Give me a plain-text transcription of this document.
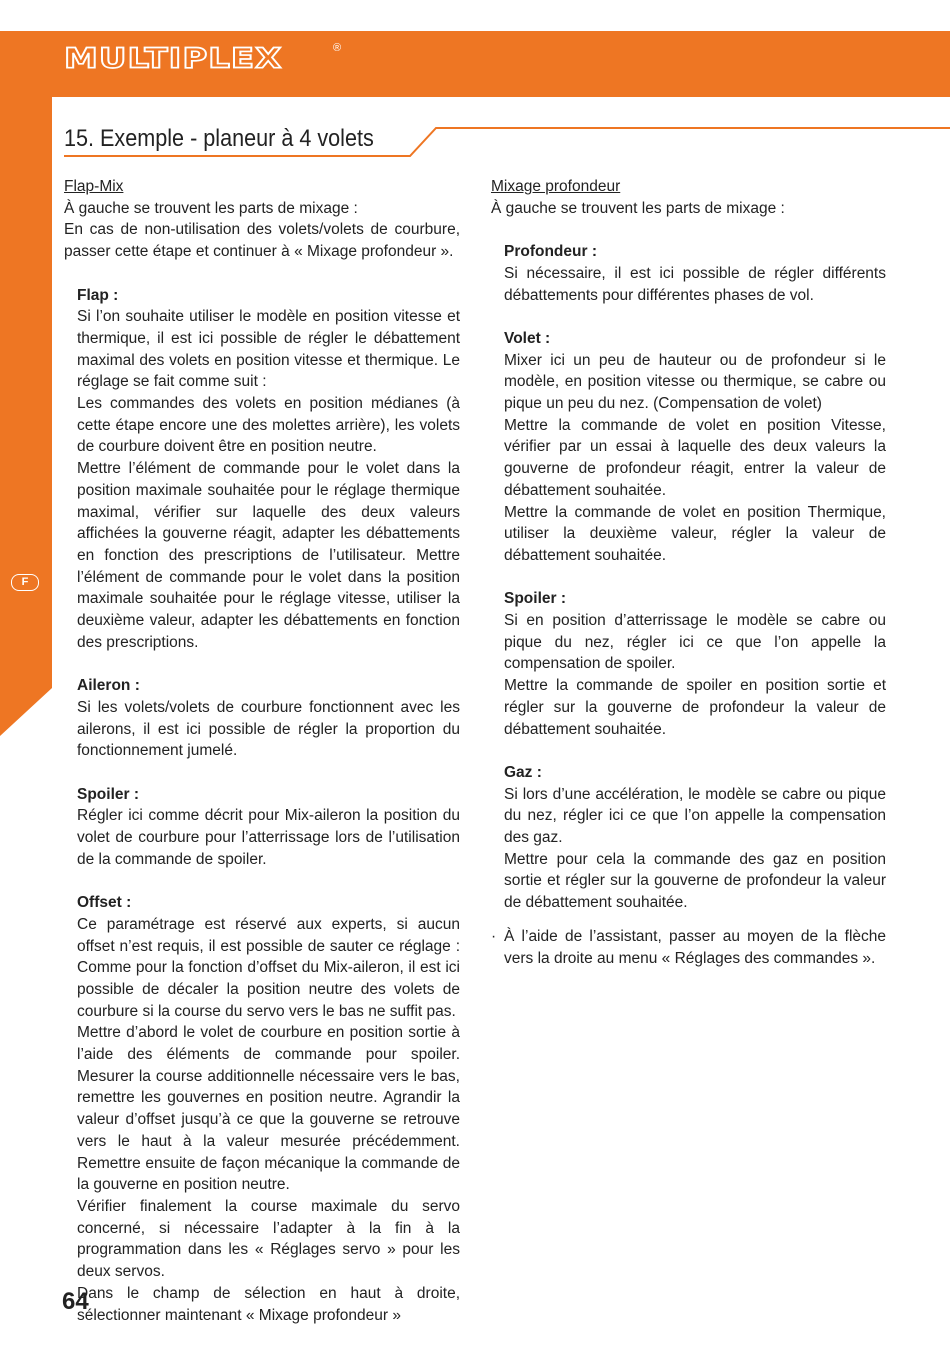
MULTIPLEX	®
F
15. Exemple - planeur à 4 volets

Flap-Mix

À gauche se trouvent les parts de mixage :

En cas de non-utilisation des volets/volets de courbure, passer cette étape et continuer à « Mixage profondeur ».

Flap :

Si l’on souhaite utiliser le modèle en position vitesse et thermique, il est ici possible de régler le débattement maximal des volets en position vitesse et thermique. Le réglage se fait comme suit :

Les commandes des volets en position médianes (à cette étape encore une des molettes arrière), les volets de courbure doivent être en position neutre.

Mettre l’élément de commande pour le volet dans la position maximale souhaitée pour le réglage thermique maximal, vérifier sur laquelle des deux valeurs affichées la gouverne réagit, adapter les débattements en fonction des prescriptions de l’utilisateur. Mettre l’élément de commande pour le volet dans la position maximale souhaitée pour le réglage vitesse, utiliser la deuxième valeur, adapter les débattements en fonction des prescriptions.

Aileron :

Si les volets/volets de courbure fonctionnent avec les ailerons, il est ici possible de régler la proportion du fonctionnement jumelé.

Spoiler :

Régler ici comme décrit pour Mix-aileron la position du volet de courbure pour l’atterrissage lors de l’utilisation de la commande de spoiler.

Offset :

Ce paramétrage est réservé aux experts, si aucun offset n’est requis, il est possible de sauter ce réglage : Comme pour la fonction d’offset du Mix-aileron, il est ici possible de décaler la position neutre des volets de courbure si la course du servo vers le bas ne suffit pas.

Mettre d’abord le volet de courbure en position sortie à l’aide des éléments de commande pour spoiler. Mesurer la course additionnelle nécessaire vers le bas, remettre les gouvernes en position neutre. Agrandir la valeur d’offset jusqu’à ce que la gouverne se retrouve vers le haut à la valeur mesurée précédemment. Remettre ensuite de façon mécanique la commande de la gouverne en position neutre.

Vérifier finalement la course maximale du servo concerné, si nécessaire l’adapter à la fin à la programmation dans les « Réglages servo » pour les deux servos.

Dans le champ de sélection en haut à droite, sélectionner maintenant « Mixage profondeur »

Mixage profondeur

À gauche se trouvent les parts de mixage :

Profondeur :

Si nécessaire, il est ici possible de régler différents débattements pour différentes phases de vol.

Volet :

Mixer ici un peu de hauteur ou de profondeur si le modèle, en position vitesse ou thermique, se cabre ou pique un peu du nez. (Compensation de volet)

Mettre la commande de volet en position Vitesse, vérifier par un essai à laquelle des deux valeurs la gouverne de profondeur réagit, entrer la valeur de débattement souhaitée.

Mettre la commande de volet en position Thermique, utiliser la deuxième valeur, régler la valeur de débattement souhaitée.

Spoiler :

Si en position d’atterrissage le modèle se cabre ou pique du nez, régler ici ce que l’on appelle la compensation de spoiler.

Mettre la commande de spoiler en position sortie et régler sur la gouverne de profondeur la valeur de débattement souhaitée.

Gaz :

Si lors d’une accélération, le modèle se cabre ou pique du nez, régler ici ce que l’on appelle la compensation des gaz.

Mettre pour cela la commande des gaz en position sortie et régler sur la gouverne de profondeur la valeur de débattement souhaitée.

· À l’aide de l’assistant, passer au moyen de la flèche vers la droite au menu « Réglages des commandes ».

64
